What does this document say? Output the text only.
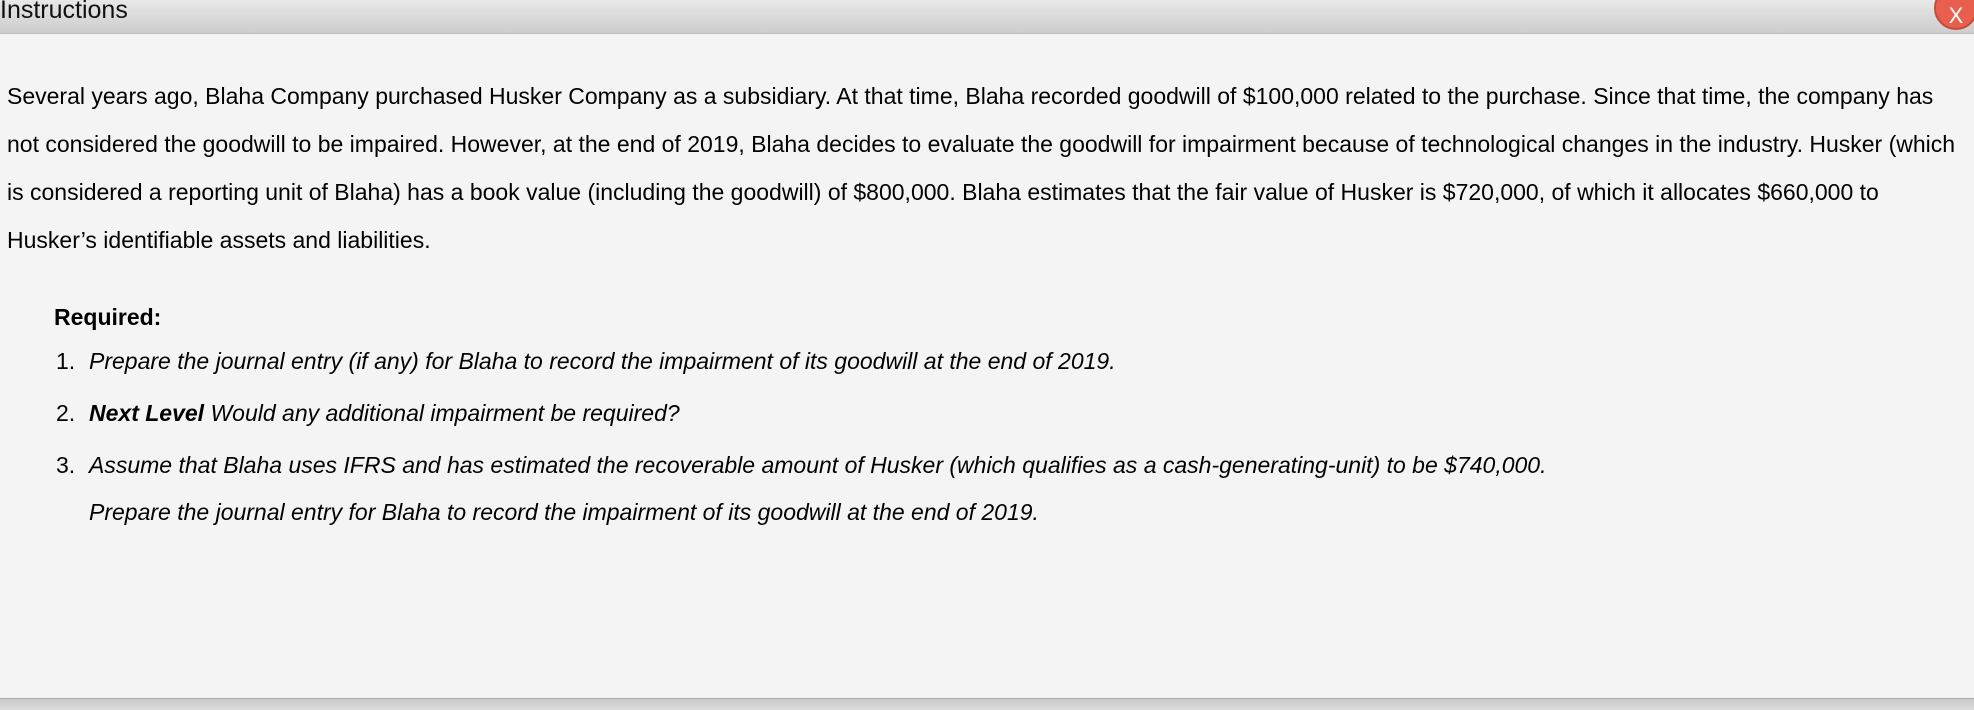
Instructions	X

Several years ago, Blaha Company purchased Husker Company as a subsidiary. At that time, Blaha recorded goodwill of $100,000 related to the purchase. Since that time, the company has not considered the goodwill to be impaired. However, at the end of 2019, Blaha decides to evaluate the goodwill for impairment because of technological changes in the industry. Husker (which is considered a reporting unit of Blaha) has a book value (including the goodwill) of $800,000. Blaha estimates that the fair value of Husker is $720,000, of which it allocates $660,000 to Husker’s identifiable assets and liabilities.

Required:

1. Prepare the journal entry (if any) for Blaha to record the impairment of its goodwill at the end of 2019.
2. Next Level Would any additional impairment be required?
3. Assume that Blaha uses IFRS and has estimated the recoverable amount of Husker (which qualifies as a cash-generating-unit) to be $740,000.
Prepare the journal entry for Blaha to record the impairment of its goodwill at the end of 2019.
